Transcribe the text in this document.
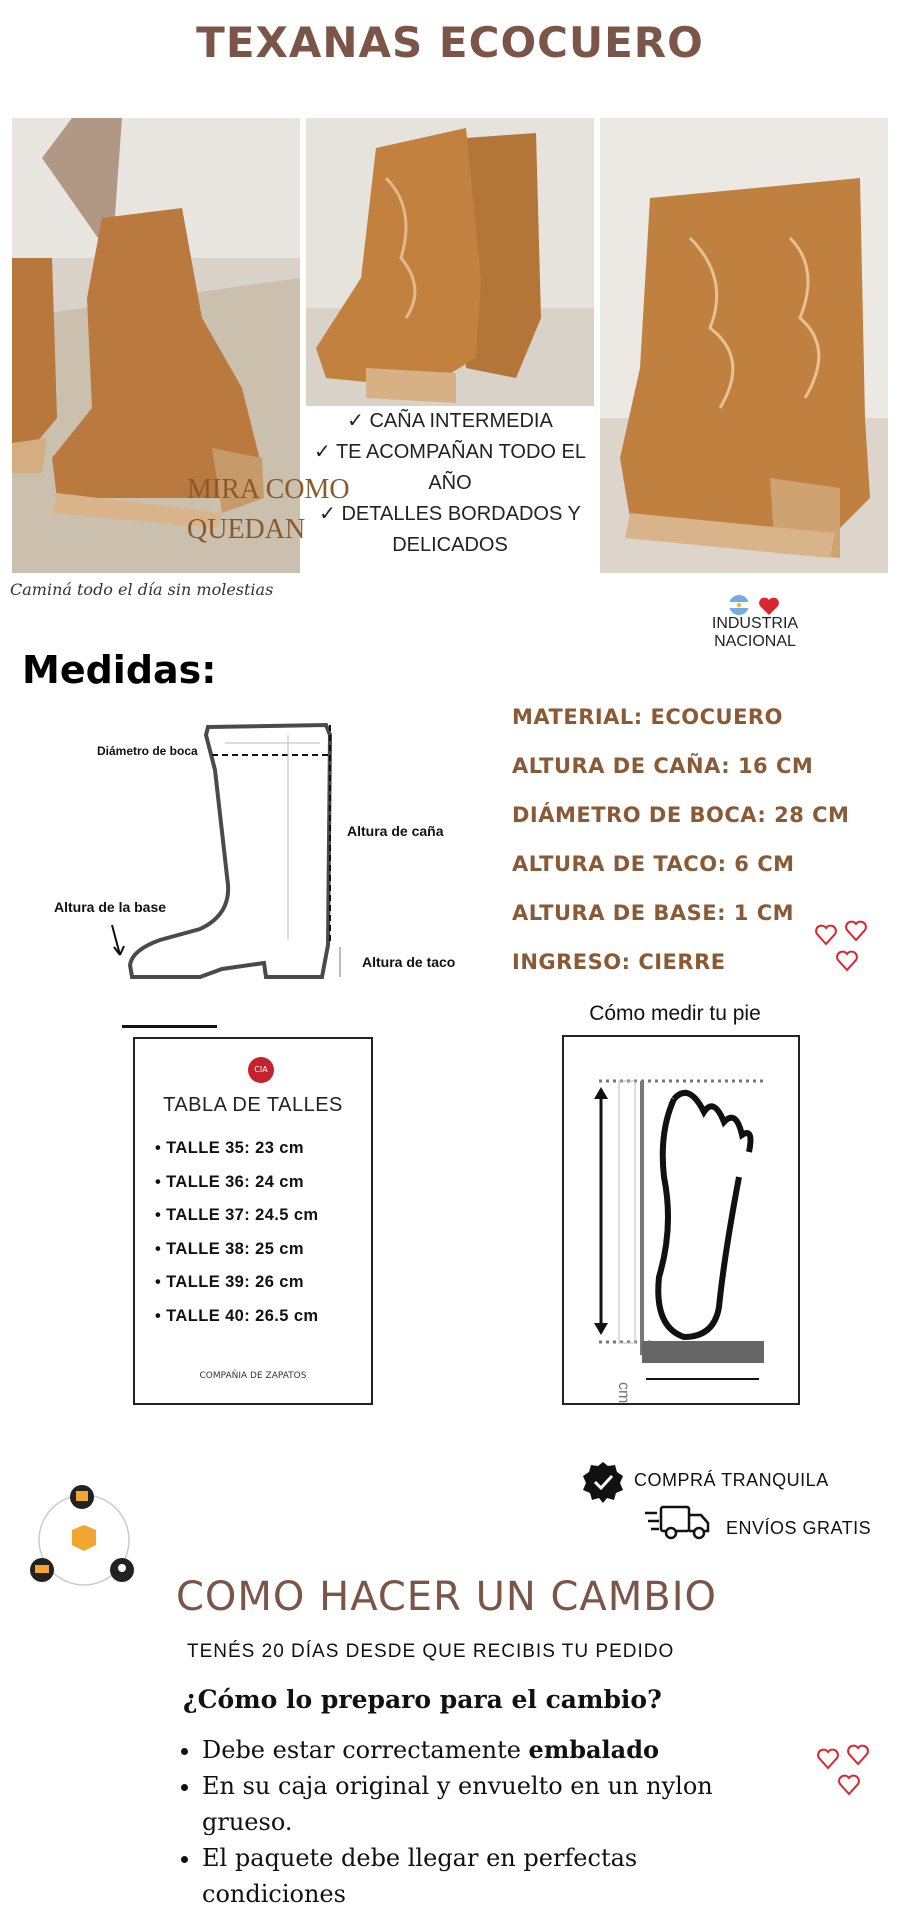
TEXANAS ECOCUERO
MIRA COMO
QUEDAN
✓ CAÑA INTERMEDIA
✓ TE ACOMPAÑAN TODO EL
AÑO
✓ DETALLES BORDADOS Y
DELICADOS
Caminá todo el día sin molestias
INDUSTRIA NACIONAL
Medidas:
Diámetro de boca
Altura de caña
Altura de la base
Altura de taco
MATERIAL: ECOCUERO
ALTURA DE CAÑA: 16 CM
DIÁMETRO DE BOCA: 28 CM
ALTURA DE TACO: 6 CM
ALTURA DE BASE: 1 CM
INGRESO: CIERRE
CIA
TABLA DE TALLES
• TALLE 35: 23 cm
• TALLE 36: 24 cm
• TALLE 37: 24.5 cm
• TALLE 38: 25 cm
• TALLE 39: 26 cm
• TALLE 40: 26.5 cm
COMPAÑIA DE ZAPATOS
Cómo medir tu pie
cm
COMPRÁ TRANQUILA
ENVÍOS GRATIS
COMO HACER UN CAMBIO
TENÉS 20 DÍAS DESDE QUE RECIBIS TU PEDIDO
¿Cómo lo preparo para el cambio?
• Debe estar correctamente embalado
• En su caja original y envuelto en un nylon grueso.
• El paquete debe llegar en perfectas condiciones
